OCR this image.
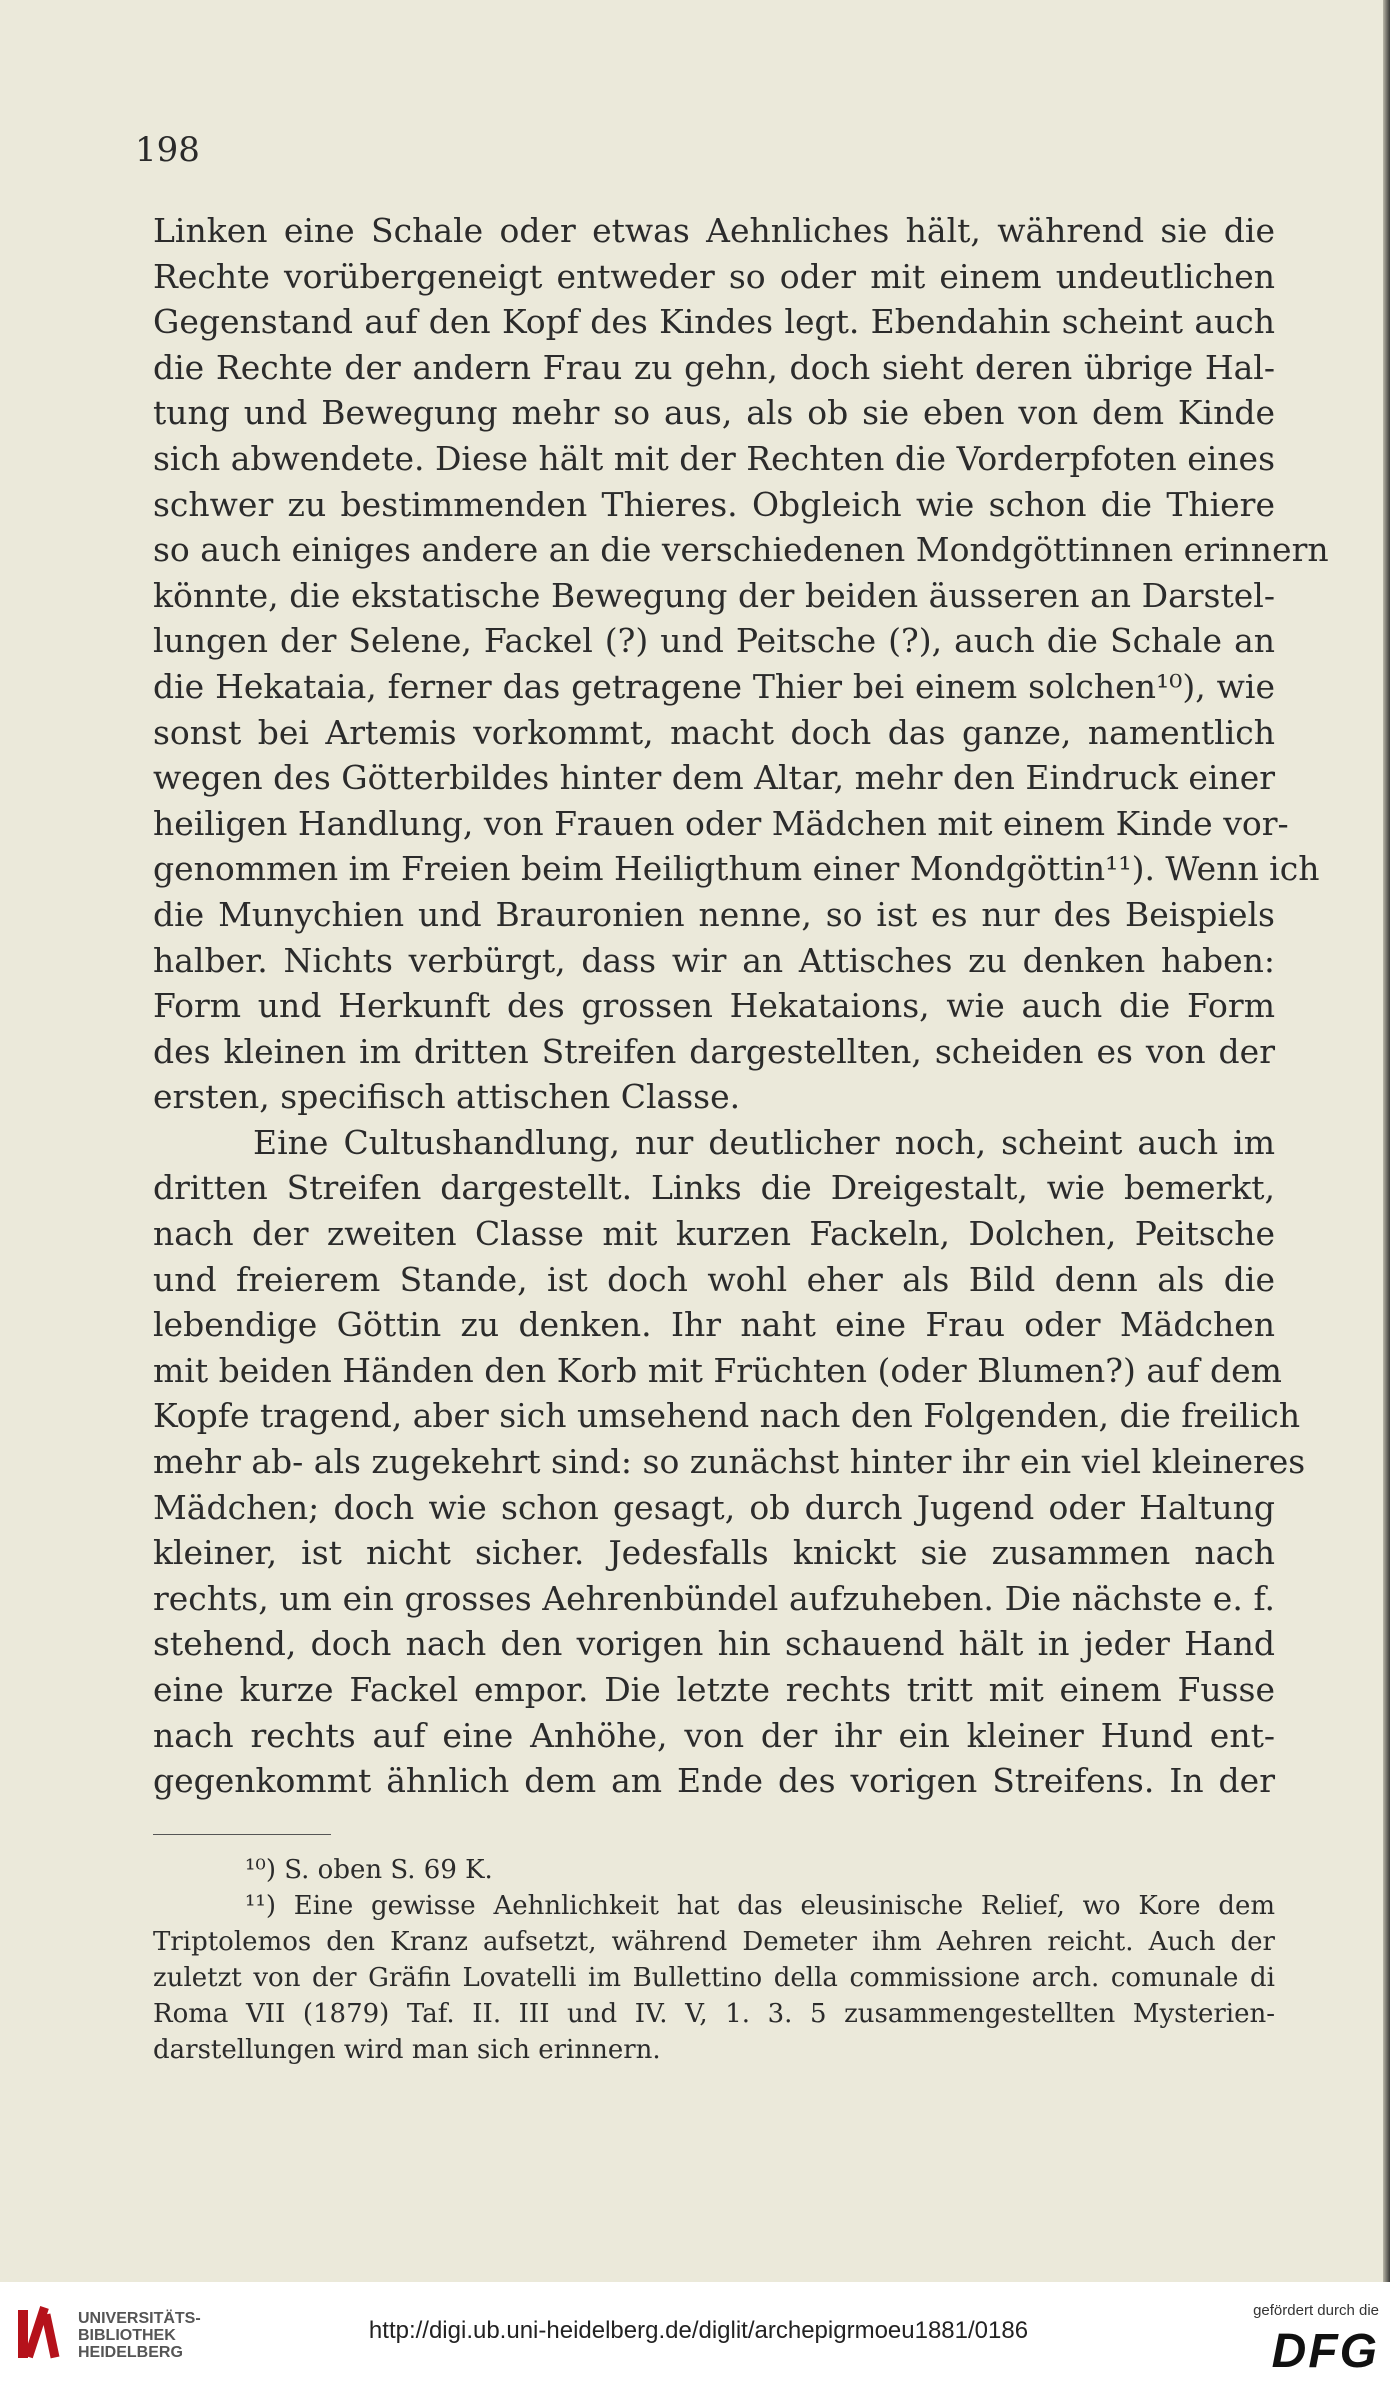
198
Linken eine Schale oder etwas Aehnliches hält, während sie die
Rechte vorübergeneigt entweder so oder mit einem undeutlichen
Gegenstand auf den Kopf des Kindes legt. Ebendahin scheint auch
die Rechte der andern Frau zu gehn, doch sieht deren übrige Hal-
tung und Bewegung mehr so aus, als ob sie eben von dem Kinde
sich abwendete. Diese hält mit der Rechten die Vorderpfoten eines
schwer zu bestimmenden Thieres. Obgleich wie schon die Thiere
so auch einiges andere an die verschiedenen Mondgöttinnen erinnern
könnte, die ekstatische Bewegung der beiden äusseren an Darstel-
lungen der Selene, Fackel (?) und Peitsche (?), auch die Schale an
die Hekataia, ferner das getragene Thier bei einem solchen¹⁰), wie
sonst bei Artemis vorkommt, macht doch das ganze, namentlich
wegen des Götterbildes hinter dem Altar, mehr den Eindruck einer
heiligen Handlung, von Frauen oder Mädchen mit einem Kinde vor-
genommen im Freien beim Heiligthum einer Mondgöttin¹¹). Wenn ich
die Munychien und Brauronien nenne, so ist es nur des Beispiels
halber. Nichts verbürgt, dass wir an Attisches zu denken haben:
Form und Herkunft des grossen Hekataions, wie auch die Form
des kleinen im dritten Streifen dargestellten, scheiden es von der
ersten, specifisch attischen Classe.
Eine Cultushandlung, nur deutlicher noch, scheint auch im
dritten Streifen dargestellt. Links die Dreigestalt, wie bemerkt,
nach der zweiten Classe mit kurzen Fackeln, Dolchen, Peitsche
und freierem Stande, ist doch wohl eher als Bild denn als die
lebendige Göttin zu denken. Ihr naht eine Frau oder Mädchen
mit beiden Händen den Korb mit Früchten (oder Blumen?) auf dem
Kopfe tragend, aber sich umsehend nach den Folgenden, die freilich
mehr ab- als zugekehrt sind: so zunächst hinter ihr ein viel kleineres
Mädchen; doch wie schon gesagt, ob durch Jugend oder Haltung
kleiner, ist nicht sicher. Jedesfalls knickt sie zusammen nach
rechts, um ein grosses Aehrenbündel aufzuheben. Die nächste e. f.
stehend, doch nach den vorigen hin schauend hält in jeder Hand
eine kurze Fackel empor. Die letzte rechts tritt mit einem Fusse
nach rechts auf eine Anhöhe, von der ihr ein kleiner Hund ent-
gegenkommt ähnlich dem am Ende des vorigen Streifens. In der
¹⁰) S. oben S. 69 K.
¹¹) Eine gewisse Aehnlichkeit hat das eleusinische Relief, wo Kore dem
Triptolemos den Kranz aufsetzt, während Demeter ihm Aehren reicht. Auch der
zuletzt von der Gräfin Lovatelli im Bullettino della commissione arch. comunale di
Roma VII (1879) Taf. II. III und IV. V, 1. 3. 5 zusammengestellten Mysterien-
darstellungen wird man sich erinnern.
UNIVERSITÄTS-
BIBLIOTHEK
HEIDELBERG
http://digi.ub.uni-heidelberg.de/diglit/archepigrmoeu1881/0186
gefördert durch die
DFG
